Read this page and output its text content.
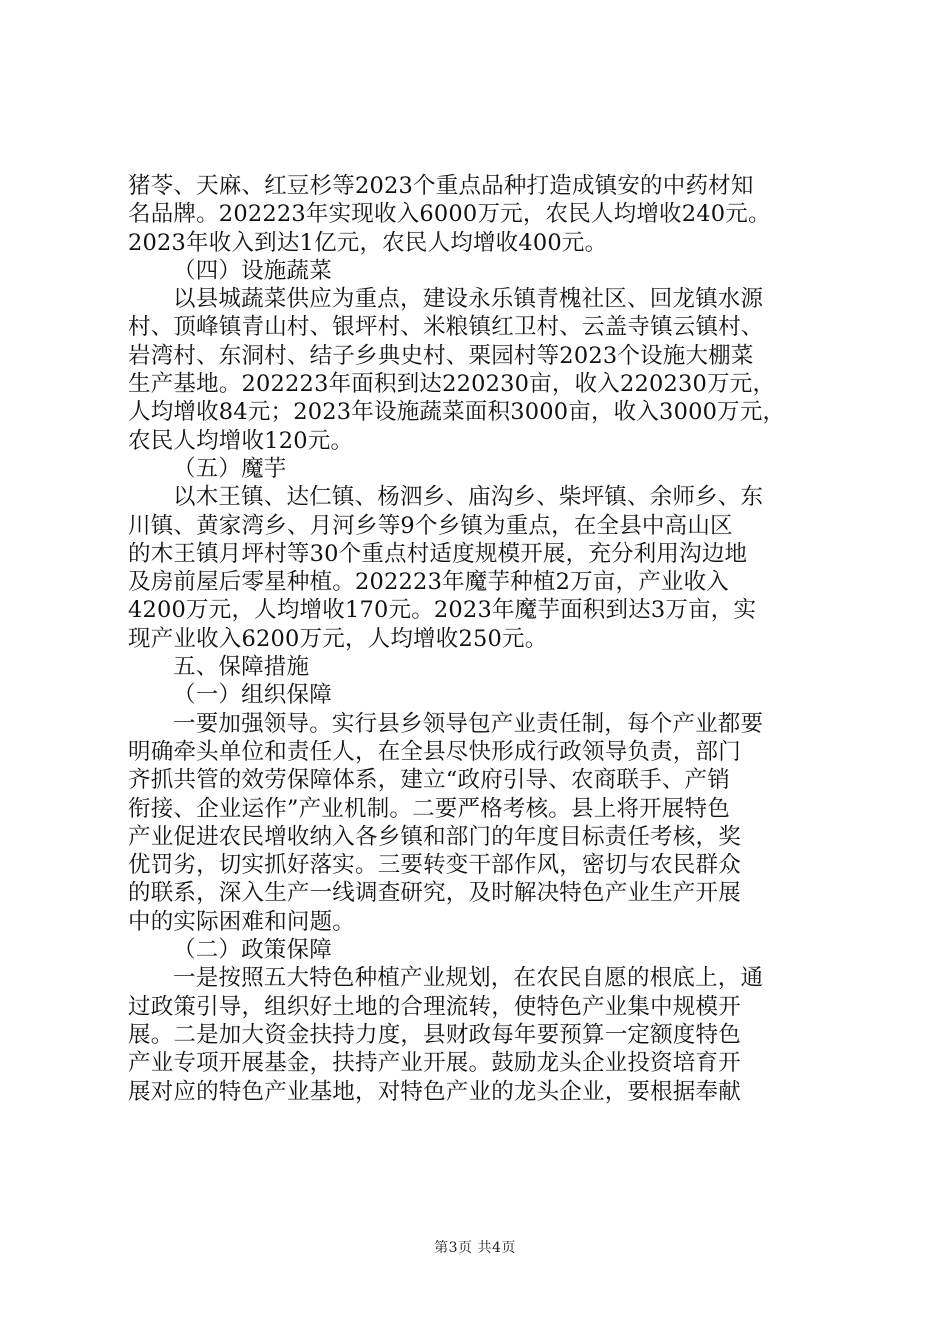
猪苓、天麻、红豆杉等2023个重点品种打造成镇安的中药材知
名品牌。202223年实现收入6000万元，农民人均增收240元。
2023年收入到达1亿元，农民人均增收400元。
（四）设施蔬菜
以县城蔬菜供应为重点，建设永乐镇青槐社区、回龙镇水源
村、顶峰镇青山村、银坪村、米粮镇红卫村、云盖寺镇云镇村、
岩湾村、东洞村、结子乡典史村、栗园村等2023个设施大棚菜
生产基地。202223年面积到达220230亩，收入220230万元，
人均增收84元；2023年设施蔬菜面积3000亩，收入3000万元，
农民人均增收120元。
（五）魔芋
以木王镇、达仁镇、杨泗乡、庙沟乡、柴坪镇、余师乡、东
川镇、黄家湾乡、月河乡等9个乡镇为重点，在全县中高山区
的木王镇月坪村等30个重点村适度规模开展，充分利用沟边地
及房前屋后零星种植。202223年魔芋种植2万亩，产业收入
4200万元，人均增收170元。2023年魔芋面积到达3万亩，实
现产业收入6200万元，人均增收250元。
五、保障措施
（一）组织保障
一要加强领导。实行县乡领导包产业责任制，每个产业都要
明确牵头单位和责任人，在全县尽快形成行政领导负责，部门
齐抓共管的效劳保障体系，建立“政府引导、农商联手、产销
衔接、企业运作”产业机制。二要严格考核。县上将开展特色
产业促进农民增收纳入各乡镇和部门的年度目标责任考核，奖
优罚劣，切实抓好落实。三要转变干部作风，密切与农民群众
的联系，深入生产一线调查研究，及时解决特色产业生产开展
中的实际困难和问题。
（二）政策保障
一是按照五大特色种植产业规划，在农民自愿的根底上，通
过政策引导，组织好土地的合理流转，使特色产业集中规模开
展。二是加大资金扶持力度，县财政每年要预算一定额度特色
产业专项开展基金，扶持产业开展。鼓励龙头企业投资培育开
展对应的特色产业基地，对特色产业的龙头企业，要根据奉献
第3页 共4页
